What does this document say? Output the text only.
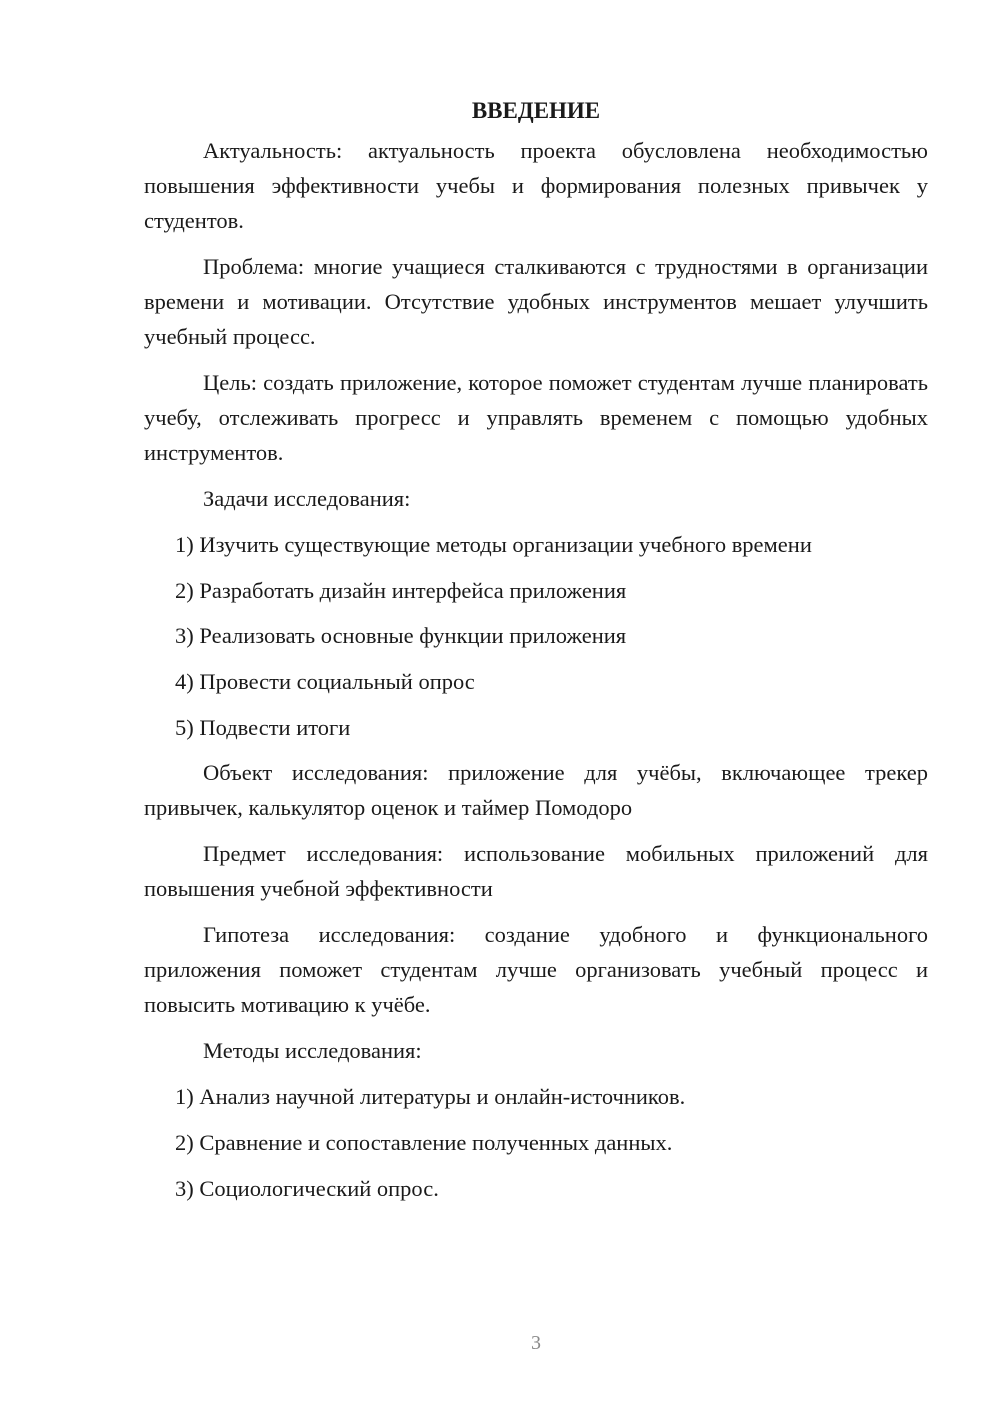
ВВЕДЕНИЕ

Актуальность: актуальность проекта обусловлена необходимостью повышения эффективности учебы и формирования полезных привычек у студентов.

Проблема: многие учащиеся сталкиваются с трудностями в организации времени и мотивации. Отсутствие удобных инструментов мешает улучшить учебный процесс.

Цель: создать приложение, которое поможет студентам лучше планировать учебу, отслеживать прогресс и управлять временем с помощью удобных инструментов.

Задачи исследования:

1) Изучить существующие методы организации учебного времени
2) Разработать дизайн интерфейса приложения
3) Реализовать основные функции приложения
4) Провести социальный опрос
5) Подвести итоги

Объект исследования: приложение для учёбы, включающее трекер привычек, калькулятор оценок и таймер Помодоро

Предмет исследования: использование мобильных приложений для повышения учебной эффективности

Гипотеза исследования: создание удобного и функционального приложения поможет студентам лучше организовать учебный процесс и повысить мотивацию к учёбе.

Методы исследования:

1) Анализ научной литературы и онлайн-источников.
2) Сравнение и сопоставление полученных данных.
3) Социологический опрос.
3
